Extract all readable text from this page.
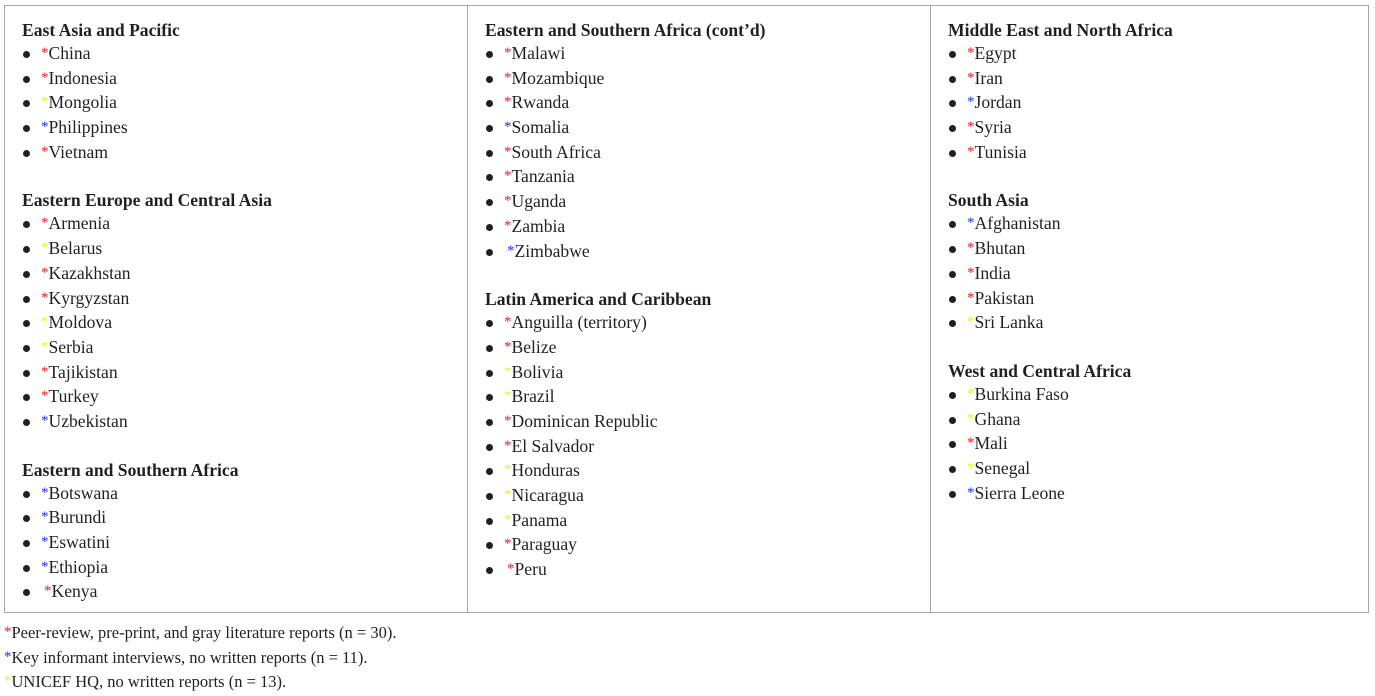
East Asia and Pacific
*China
*Indonesia
*Mongolia
*Philippines
*Vietnam
Eastern Europe and Central Asia
*Armenia
*Belarus
*Kazakhstan
*Kyrgyzstan
*Moldova
*Serbia
*Tajikistan
*Turkey
*Uzbekistan
Eastern and Southern Africa
*Botswana
*Burundi
*Eswatini
*Ethiopia
*Kenya
Eastern and Southern Africa (cont’d)
*Malawi
*Mozambique
*Rwanda
*Somalia
*South Africa
*Tanzania
*Uganda
*Zambia
*Zimbabwe
Latin America and Caribbean
*Anguilla (territory)
*Belize
*Bolivia
*Brazil
*Dominican Republic
*El Salvador
*Honduras
*Nicaragua
*Panama
*Paraguay
*Peru
Middle East and North Africa
*Egypt
*Iran
*Jordan
*Syria
*Tunisia
South Asia
*Afghanistan
*Bhutan
*India
*Pakistan
*Sri Lanka
West and Central Africa
*Burkina Faso
*Ghana
*Mali
*Senegal
*Sierra Leone
*Peer-review, pre-print, and gray literature reports (n = 30).
*Key informant interviews, no written reports (n = 11).
*UNICEF HQ, no written reports (n = 13).
